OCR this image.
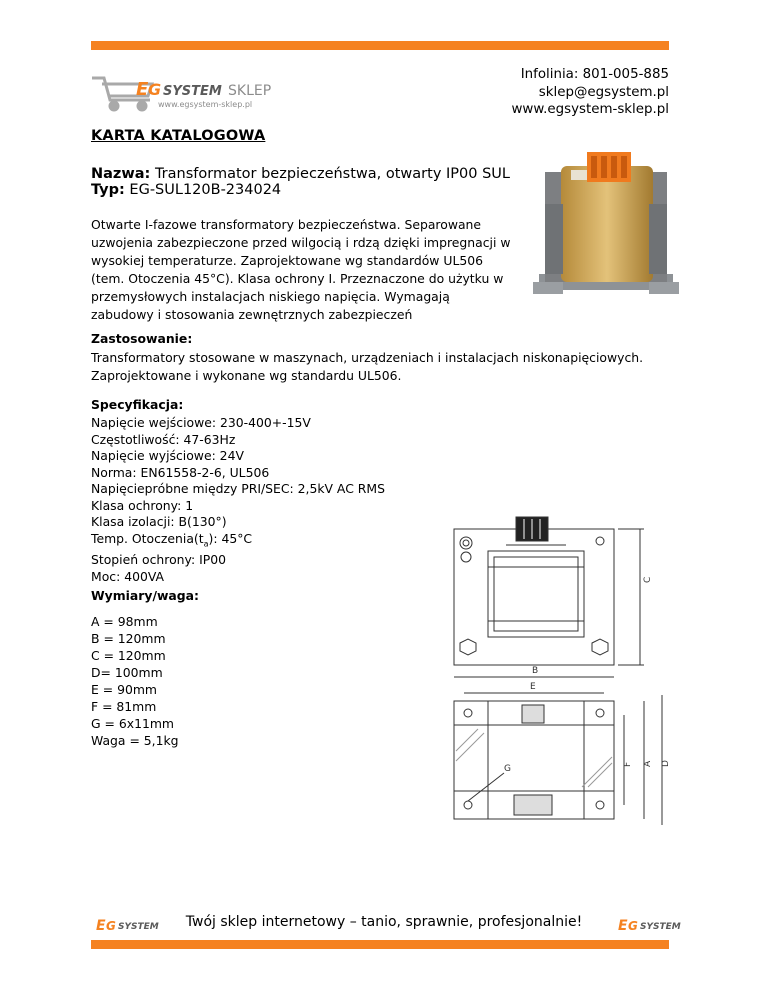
E G SYSTEM SKLEP
www.egsystem-sklep.pl
Infolinia: 801-005-885
sklep@egsystem.pl
www.egsystem-sklep.pl
KARTA KATALOGOWA
Nazwa: Transformator bezpieczeństwa, otwarty IP00 SUL
Typ: EG-SUL120B-234024
Otwarte I-fazowe transformatory bezpieczeństwa. Separowane uzwojenia zabezpieczone przed wilgocią i rdzą dzięki impregnacji w wysokiej temperaturze. Zaprojektowane wg standardów UL506 (tem. Otoczenia 45°C). Klasa ochrony I. Przeznaczone do użytku w przemysłowych instalacjach niskiego napięcia. Wymagają zabudowy i stosowania zewnętrznych zabezpieczeń
Zastosowanie:
Transformatory stosowane w maszynach, urządzeniach i instalacjach niskonapięciowych.
Zaprojektowane i wykonane wg standardu UL506.
Specyfikacja:
Napięcie wejściowe: 230-400+-15V
Częstotliwość: 47-63Hz
Napięcie wyjściowe: 24V
Norma: EN61558-2-6, UL506
Napięcieprόbne między PRI/SEC: 2,5kV AC RMS
Klasa ochrony: 1
Klasa izolacji: B(130°)
Temp. $Otoczenia(t_a)$: 45°C
Stopień ochrony: IP00
Moc: 400VA
Wymiary/waga:
A = 98mm
B = 120mm
C = 120mm
D= 100mm
E = 90mm
F = 81mm
G = 6x11mm
Waga = 5,1kg
C
B
E
G	F A D
E G SYSTEM	Twój sklep internetowy – tanio, sprawnie, profesjonalnie!	E G SYSTEM
